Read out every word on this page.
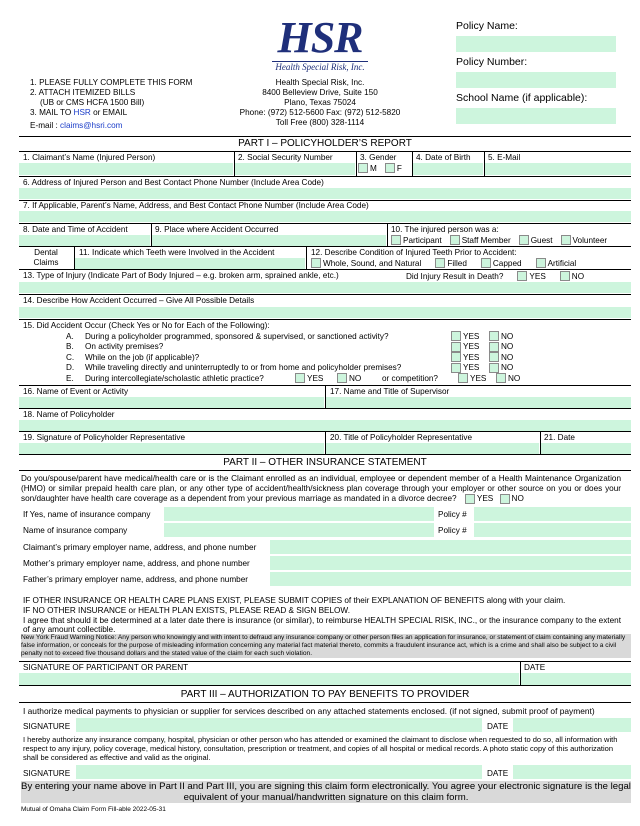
HSR
Health Special Risk, Inc.
1. PLEASE FULLY COMPLETE THIS FORM
2. ATTACH ITEMIZED BILLS
(UB or CMS HCFA 1500 Bill)
3. MAIL TO HSR or EMAIL
E-mail : claims@hsri.com
Health Special Risk, Inc.
8400 Belleview Drive, Suite 150
Plano, Texas 75024
Phone: (972) 512-5600 Fax: (972) 512-5820
Toll Free (800) 328-1114
Policy Name:
Policy Number:
School Name (if applicable):
PART I – POLICYHOLDER’S REPORT
1. Claimant’s Name (Injured Person)	2. Social Security Number	3. Gender 4. Date of Birth 5. E-Mail
M F
6. Address of Injured Person and Best Contact Phone Number (Include Area Code)
7. If Applicable, Parent’s Name, Address, and Best Contact Phone Number (Include Area Code)
8. Date and Time of Accident	9. Place where Accident Occurred	10. The injured person was a:
Participant Staff Member Guest Volunteer
Dental
Claims
11. Indicate which Teeth were Involved in the Accident	12. Describe Condition of Injured Teeth Prior to Accident:
Whole, Sound, and Natural	Filled	Capped	Artificial
13. Type of Injury (Indicate Part of Body Injured – e.g. broken arm, sprained ankle, etc.)	Did Injury Result in Death?	YES	NO
14. Describe How Accident Occurred – Give All Possible Details
15. Did Accident Occur (Check Yes or No for Each of the Following):
A.	During a policyholder programmed, sponsored & supervised, or sanctioned activity?	YES	NO
B.	On activity premises?	YES	NO
C.	While on the job (if applicable)?	YES	NO
D.	While traveling directly and uninterruptedly to or from home and policyholder premises?	YES	NO
E.	During intercollegiate/scholastic athletic practice?	YES	NO	or competition?	YES	NO
16. Name of Event or Activity	17. Name and Title of Supervisor
18. Name of Policyholder
19. Signature of Policyholder Representative	20. Title of Policyholder Representative	21. Date
PART II – OTHER INSURANCE STATEMENT
Do you/spouse/parent have medical/health care or is the Claimant enrolled as an individual, employee or dependent member of a Health Maintenance Organization (HMO) or similar prepaid health care plan, or any other type of accident/health/sickness plan coverage through your employer or other source on you or does your son/daughter have health care coverage as a dependent from your previous marriage as mandated in a divorce decree? YES NO
If Yes, name of insurance company	Policy #
Name of insurance company	Policy #
Claimant’s primary employer name, address, and phone number
Mother’s primary employer name, address, and phone number
Father’s primary employer name, address, and phone number
IF OTHER INSURANCE OR HEALTH CARE PLANS EXIST, PLEASE SUBMIT COPIES of their EXPLANATION OF BENEFITS along with your claim.
IF NO OTHER INSURANCE or HEALTH PLAN EXISTS, PLEASE READ & SIGN BELOW.
I agree that should it be determined at a later date there is insurance (or similar), to reimburse HEALTH SPECIAL RISK, INC., or the insurance company to the extent of any amount collectible.
New York Fraud Warning Notice: Any person who knowingly and with intent to defraud any insurance company or other person files an application for insurance, or statement of claim containing any materially false information, or conceals for the purpose of misleading information concerning any material fact material thereto, commits a fraudulent insurance act, which is a crime and shall also be subject to a civil penalty not to exceed five thousand dollars and the stated value of the claim for each such violation.
SIGNATURE OF PARTICIPANT OR PARENT	DATE
PART III – AUTHORIZATION TO PAY BENEFITS TO PROVIDER
I authorize medical payments to physician or supplier for services described on any attached statements enclosed. (if not signed, submit proof of payment)
SIGNATURE	DATE
I hereby authorize any insurance company, hospital, physician or other person who has attended or examined the claimant to disclose when requested to do so, all information with respect to any injury, policy coverage, medical history, consultation, prescription or treatment, and copies of all hospital or medical records. A photo static copy of this authorization shall be considered as effective and valid as the original.
SIGNATURE	DATE
By entering your name above in Part II and Part III, you are signing this claim form electronically. You agree your electronic signature is the legal equivalent of your manual/handwritten signature on this claim form.
Mutual of Omaha Claim Form Fill-able 2022-05-31
